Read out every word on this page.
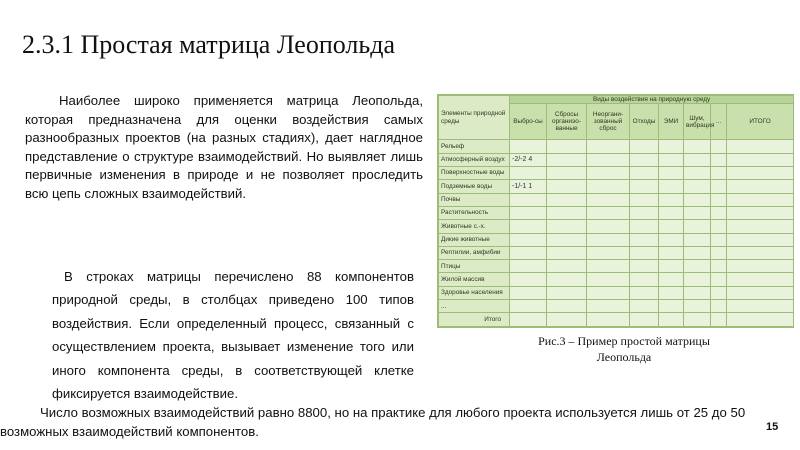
2.3.1 Простая матрица Леопольда

Наиболее широко применяется матрица Леопольда, которая предназначена для оценки воздействия самых разнообразных проектов (на разных стадиях), дает наглядное представление о структуре взаимодействий. Но выявляет лишь первичные изменения в природе и не позволяет проследить всю цепь сложных взаимодействий.

В строках матрицы перечислено 88 компонентов природной среды, в столбцах приведено 100 типов воздействия. Если определенный процесс, связанный с осуществлением проекта, вызывает изменение того или иного компонента среды, в соответствующей клетке фиксируется взаимодействие.

Элементы природной среды	Виды воздействия на природную среду							
	Выбро-сы	Сбросы органиэо-ванные	Неоргани-зованный сброс	Отходы	ЭМИ	Шум, вибрация	...	ИТОГО
Рельеф								
Атмосферный воздух	-2/-2 4							
Поверхностные воды								
Подземные воды	-1/-1 1							
Почвы								
Растительность								
Животные с.-х.								
Дикие животные								
Рептилии, амфибии								
Птицы								
Жилой массив								
Здоровье населения								
...								
Итого								

Рис.3 – Пример простой матрицы Леопольда

Число возможных взаимодействий равно 8800, но на практике для любого проекта используется лишь от 25 до 50 возможных взаимодействий компонентов.	15
